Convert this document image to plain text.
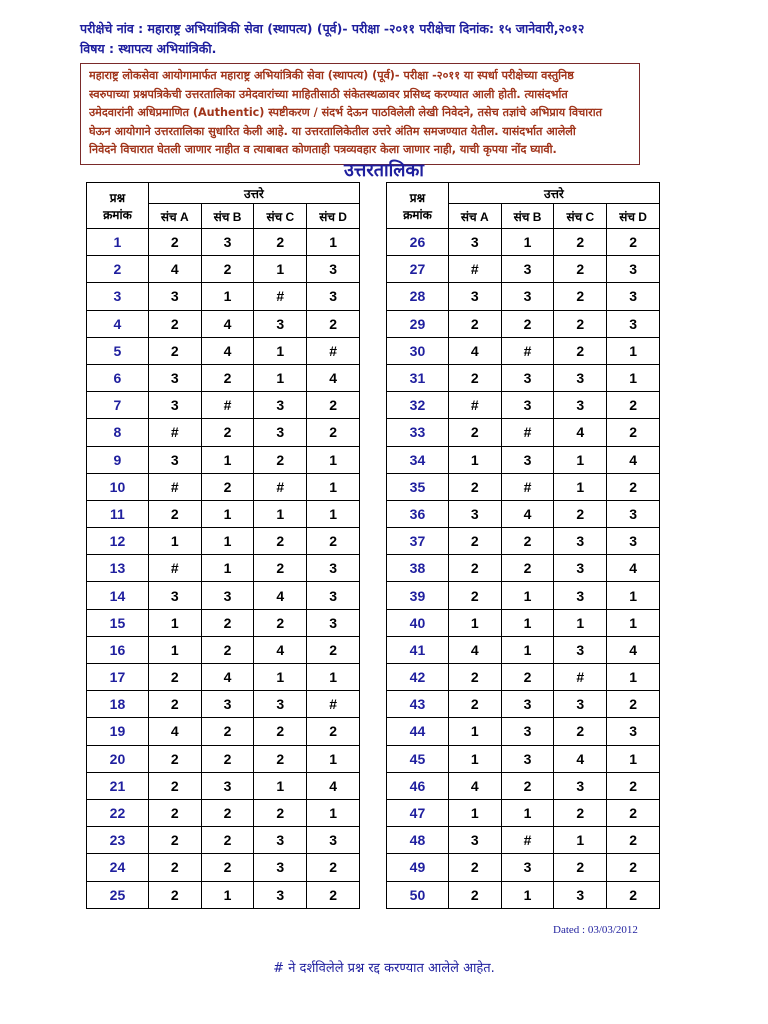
परीक्षेचे नांव : महाराष्ट्र अभियांत्रिकी सेवा (स्थापत्य) (पूर्व)- परीक्षा -२०११ परीक्षेचा दिनांक: १५ जानेवारी,२०१२
विषय : स्थापत्य अभियांत्रिकी.
महाराष्ट्र लोकसेवा आयोगामार्फत महाराष्ट्र अभियांत्रिकी सेवा (स्थापत्य) (पूर्व)- परीक्षा -२०११ या स्पर्धा परीक्षेच्या वस्तुनिष्ठ
स्वरुपाच्या प्रश्नपत्रिकेची उत्तरतालिका उमेदवारांच्या माहितीसाठी संकेतस्थळावर प्रसिध्द करण्यात आली होती. त्यासंदर्भात
उमेदवारांनी अधिप्रमाणित (Authentic) स्पष्टीकरण / संदर्भ देऊन पाठविलेली लेखी निवेदने, तसेच तज्ञांचे अभिप्राय विचारात
घेऊन आयोगाने उत्तरतालिका सुधारित केली आहे. या उत्तरतालिकेतील उत्तरे अंतिम समजण्यात येतील. यासंदर्भात आलेली
निवेदने विचारात घेतली जाणार नाहीत व त्याबाबत कोणताही पत्रव्यवहार केला जाणार नाही, याची कृपया नोंद घ्यावी.
उत्तरतालिका
प्रश्न
क्रमांक	उत्तरे			
	संच A	संच B	संच C	संच D
1	2	3	2	1
2	4	2	1	3
3	3	1	#	3
4	2	4	3	2
5	2	4	1	#
6	3	2	1	4
7	3	#	3	2
8	#	2	3	2
9	3	1	2	1
10	#	2	#	1
11	2	1	1	1
12	1	1	2	2
13	#	1	2	3
14	3	3	4	3
15	1	2	2	3
16	1	2	4	2
17	2	4	1	1
18	2	3	3	#
19	4	2	2	2
20	2	2	2	1
21	2	3	1	4
22	2	2	2	1
23	2	2	3	3
24	2	2	3	2
25	2	1	3	2
प्रश्न
क्रमांक	उत्तरे			
	संच A	संच B	संच C	संच D
26	3	1	2	2
27	#	3	2	3
28	3	3	2	3
29	2	2	2	3
30	4	#	2	1
31	2	3	3	1
32	#	3	3	2
33	2	#	4	2
34	1	3	1	4
35	2	#	1	2
36	3	4	2	3
37	2	2	3	3
38	2	2	3	4
39	2	1	3	1
40	1	1	1	1
41	4	1	3	4
42	2	2	#	1
43	2	3	3	2
44	1	3	2	3
45	1	3	4	1
46	4	2	3	2
47	1	1	2	2
48	3	#	1	2
49	2	3	2	2
50	2	1	3	2
Dated : 03/03/2012
# ने दर्शविलेले प्रश्न रद्द करण्यात आलेले आहेत.
